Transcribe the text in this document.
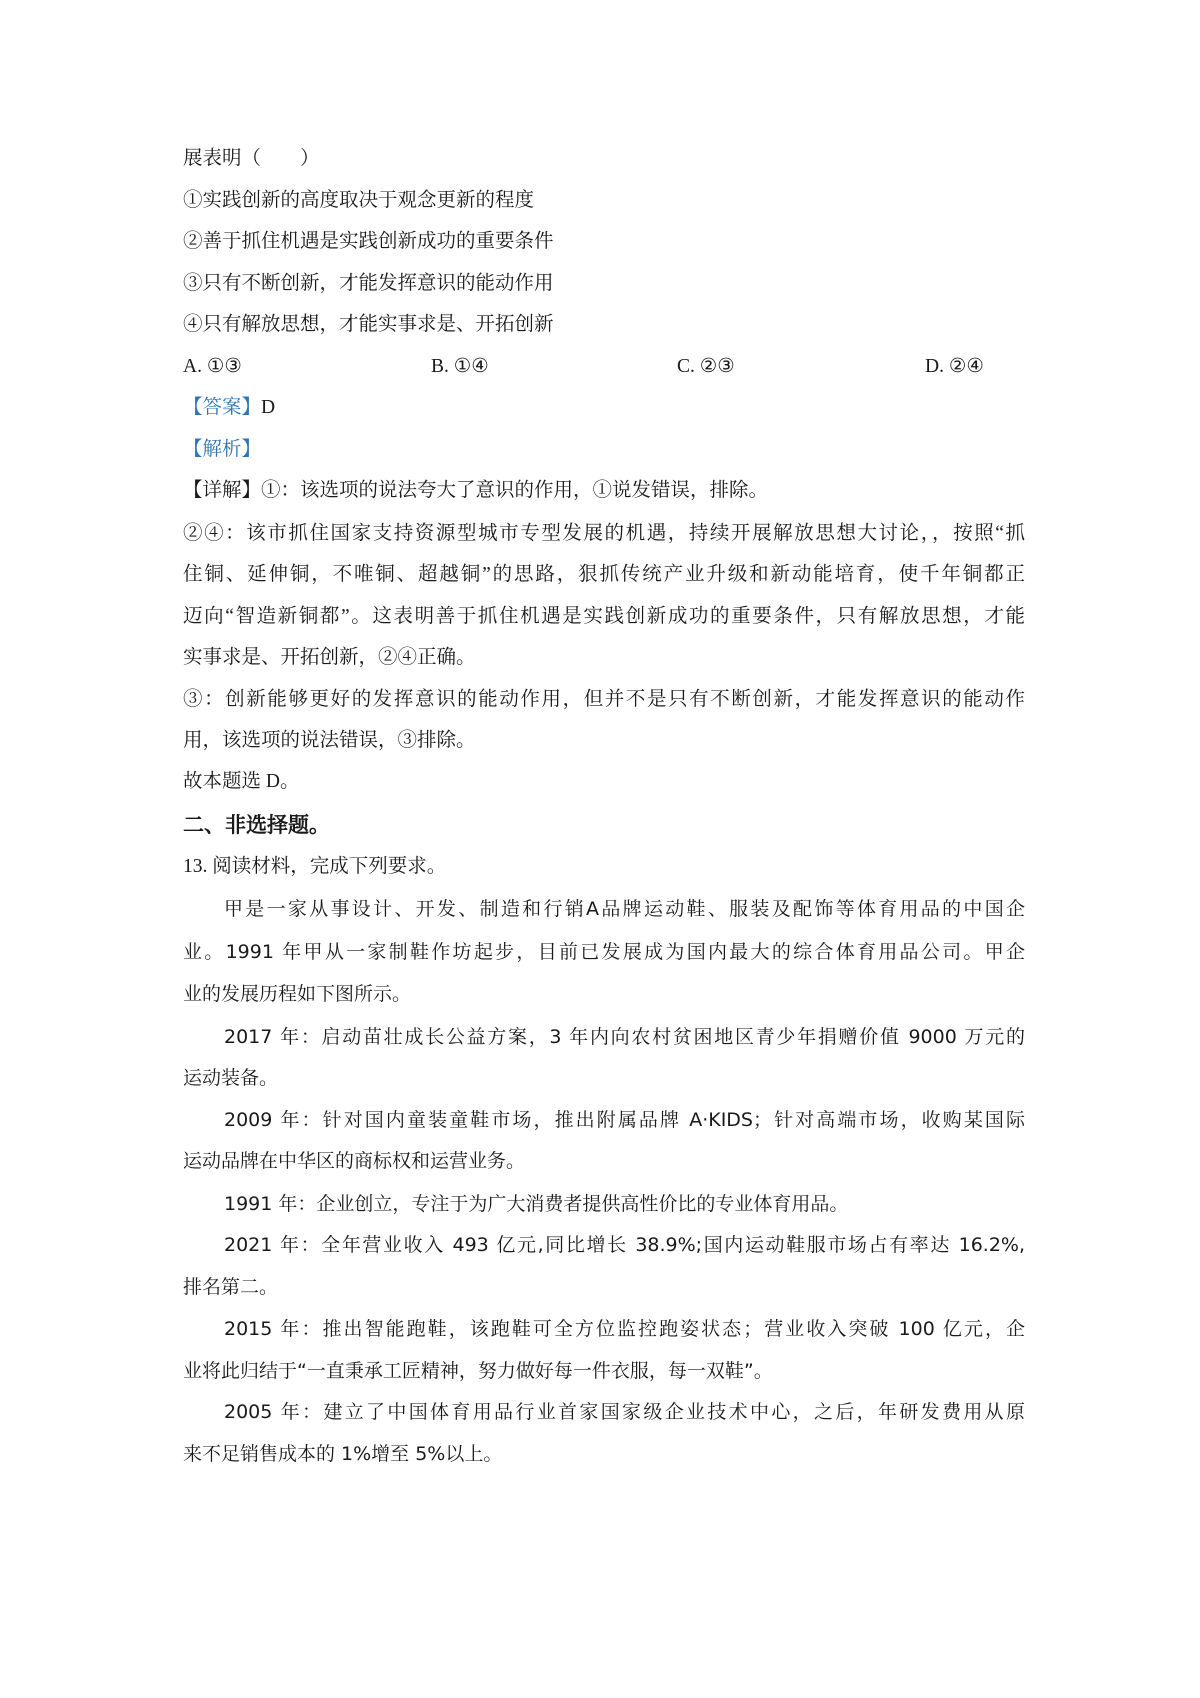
展表明（　　）
①实践创新的高度取决于观念更新的程度
②善于抓住机遇是实践创新成功的重要条件
③只有不断创新，才能发挥意识的能动作用
④只有解放思想，才能实事求是、开拓创新
A. ①③	B. ①④	C. ②③	D. ②④
【答案】D
【解析】
【详解】①：该选项的说法夸大了意识的作用，①说发错误，排除。
②④：该市抓住国家支持资源型城市专型发展的机遇，持续开展解放思想大讨论，，按照“抓
住铜、延伸铜，不唯铜、超越铜”的思路，狠抓传统产业升级和新动能培育，使千年铜都正
迈向“智造新铜都”。这表明善于抓住机遇是实践创新成功的重要条件，只有解放思想，才能
实事求是、开拓创新，②④正确。
③：创新能够更好的发挥意识的能动作用，但并不是只有不断创新，才能发挥意识的能动作
用，该选项的说法错误，③排除。
故本题选 D。
二、非选择题。
13. 阅读材料，完成下列要求。
甲是一家从事设计、开发、制造和行销A品牌运动鞋、服装及配饰等体育用品的中国企
业。1991 年甲从一家制鞋作坊起步，目前已发展成为国内最大的综合体育用品公司。甲企
业的发展历程如下图所示。
2017 年：启动苗壮成长公益方案，3 年内向农村贫困地区青少年捐赠价值 9000 万元的
运动装备。
2009 年：针对国内童装童鞋市场，推出附属品牌 A·KIDS；针对高端市场，收购某国际
运动品牌在中华区的商标权和运营业务。
1991 年：企业创立，专注于为广大消费者提供高性价比的专业体育用品。
2021 年：全年营业收入 493 亿元,同比增长 38.9%;国内运动鞋服市场占有率达 16.2%,
排名第二。
2015 年：推出智能跑鞋，该跑鞋可全方位监控跑姿状态；营业收入突破 100 亿元，企
业将此归结于“一直秉承工匠精神，努力做好每一件衣服，每一双鞋”。
2005 年：建立了中国体育用品行业首家国家级企业技术中心，之后，年研发费用从原
来不足销售成本的 1%增至 5%以上。
